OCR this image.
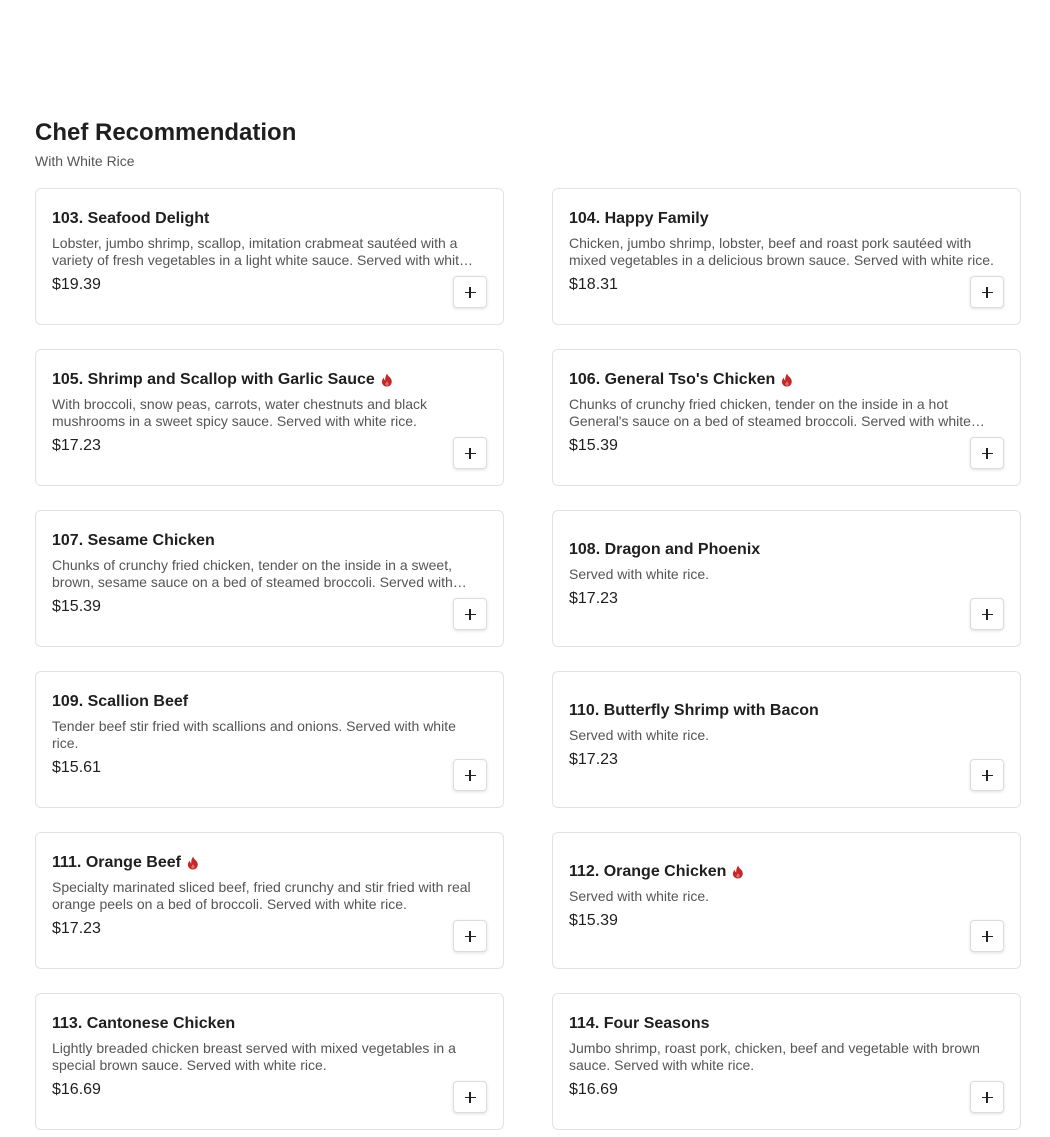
Chef Recommendation
With White Rice
103. Seafood Delight
Lobster, jumbo shrimp, scallop, imitation crabmeat sautéed with a variety of fresh vegetables in a light white sauce. Served with white
$19.39
104. Happy Family
Chicken, jumbo shrimp, lobster, beef and roast pork sautéed with mixed vegetables in a delicious brown sauce. Served with white rice.
$18.31
105. Shrimp and Scallop with Garlic Sauce
With broccoli, snow peas, carrots, water chestnuts and black mushrooms in a sweet spicy sauce. Served with white rice.
$17.23
106. General Tso's Chicken
Chunks of crunchy fried chicken, tender on the inside in a hot General's sauce on a bed of steamed broccoli. Served with white
$15.39
107. Sesame Chicken
Chunks of crunchy fried chicken, tender on the inside in a sweet, brown, sesame sauce on a bed of steamed broccoli. Served with
$15.39
108. Dragon and Phoenix
Served with white rice.
$17.23
109. Scallion Beef
Tender beef stir fried with scallions and onions. Served with white rice.
$15.61
110. Butterfly Shrimp with Bacon
Served with white rice.
$17.23
111. Orange Beef
Specialty marinated sliced beef, fried crunchy and stir fried with real orange peels on a bed of broccoli. Served with white rice.
$17.23
112. Orange Chicken
Served with white rice.
$15.39
113. Cantonese Chicken
Lightly breaded chicken breast served with mixed vegetables in a special brown sauce. Served with white rice.
$16.69
114. Four Seasons
Jumbo shrimp, roast pork, chicken, beef and vegetable with brown sauce. Served with white rice.
$16.69
